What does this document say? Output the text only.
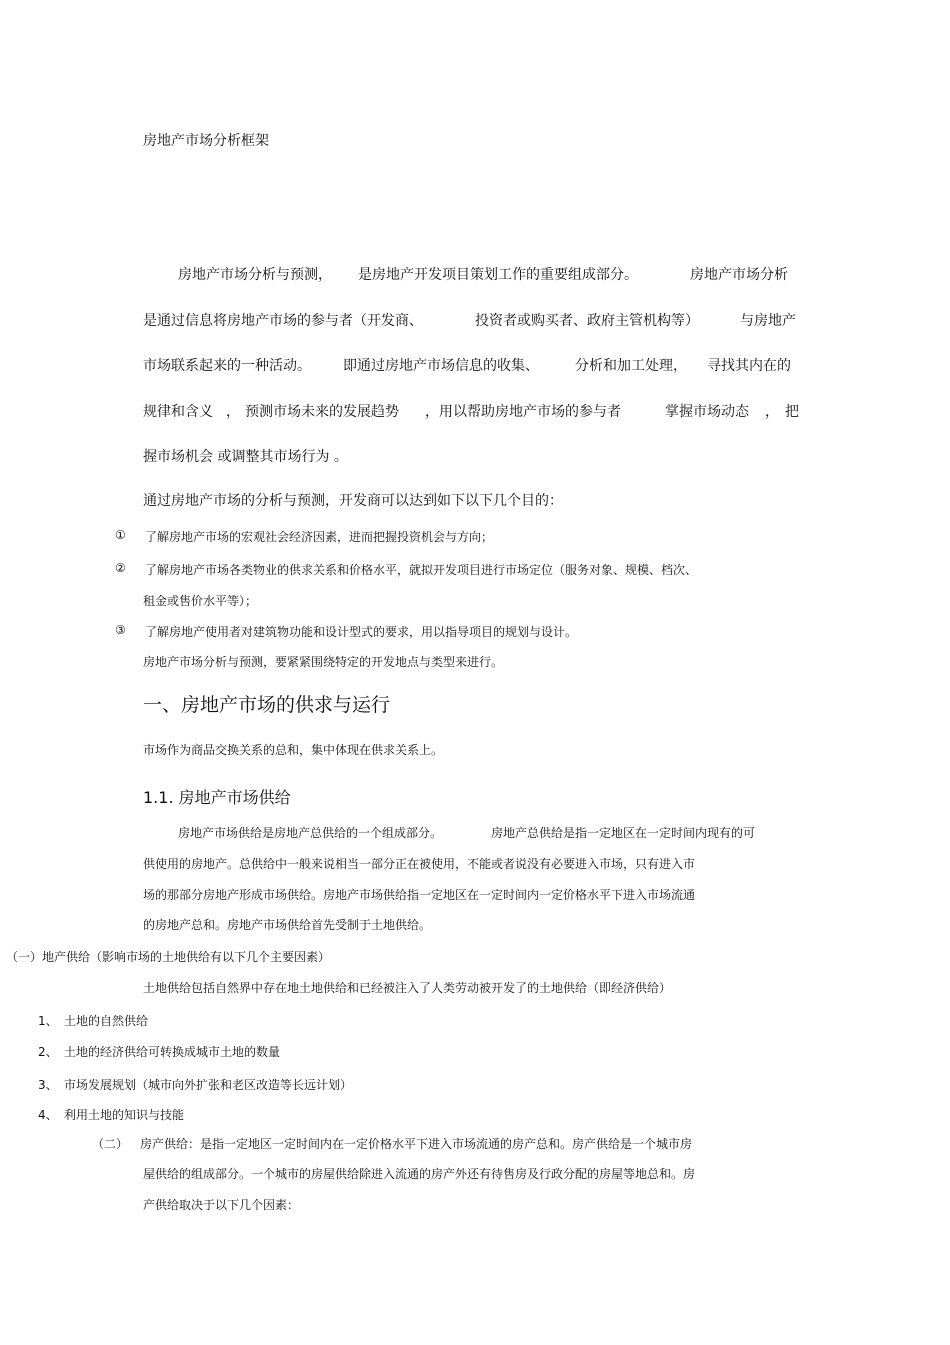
房地产市场分析框架

房地产市场分析与预测， 是房地产开发项目策划工作的重要组成部分。	房地产市场分析

是通过信息将房地产市场的参与者（开发商、	投资者或购买者、政府主管机构等）	与房地产

市场联系起来的一种活动。 即通过房地产市场信息的收集、	分析和加工处理， 寻找其内在的

规律和含义 ， 预测市场未来的发展趋势 ，用以帮助房地产市场的参与者	掌握市场动态 ， 把

握市场机会 或调整其市场行为 。

通过房地产市场的分析与预测，开发商可以达到如下以下几个目的：

① 了解房地产市场的宏观社会经济因素，进而把握投资机会与方向；

② 了解房地产市场各类物业的供求关系和价格水平，就拟开发项目进行市场定位（服务对象、规模、档次、

租金或售价水平等）；

③ 了解房地产使用者对建筑物功能和设计型式的要求，用以指导项目的规划与设计。

房地产市场分析与预测，要紧紧围绕特定的开发地点与类型来进行。

一、房地产市场的供求与运行

市场作为商品交换关系的总和，集中体现在供求关系上。

1.1. 房地产市场供给

房地产市场供给是房地产总供给的一个组成部分。	房地产总供给是指一定地区在一定时间内现有的可

供使用的房地产。总供给中一般来说相当一部分正在被使用，不能或者说没有必要进入市场，只有进入市

场的那部分房地产形成市场供给。房地产市场供给指一定地区在一定时间内一定价格水平下进入市场流通

的房地产总和。房地产市场供给首先受制于土地供给。

（一）地产供给（影响市场的土地供给有以下几个主要因素）

土地供给包括自然界中存在地土地供给和已经被注入了人类劳动被开发了的土地供给（即经济供给）

1、 土地的自然供给

2、 土地的经济供给可转换成城市土地的数量

3、 市场发展规划（城市向外扩张和老区改造等长远计划）

4、 利用土地的知识与技能

（二） 房产供给：是指一定地区一定时间内在一定价格水平下进入市场流通的房产总和。房产供给是一个城市房

屋供给的组成部分。一个城市的房屋供给除进入流通的房产外还有待售房及行政分配的房屋等地总和。房

产供给取决于以下几个因素：
